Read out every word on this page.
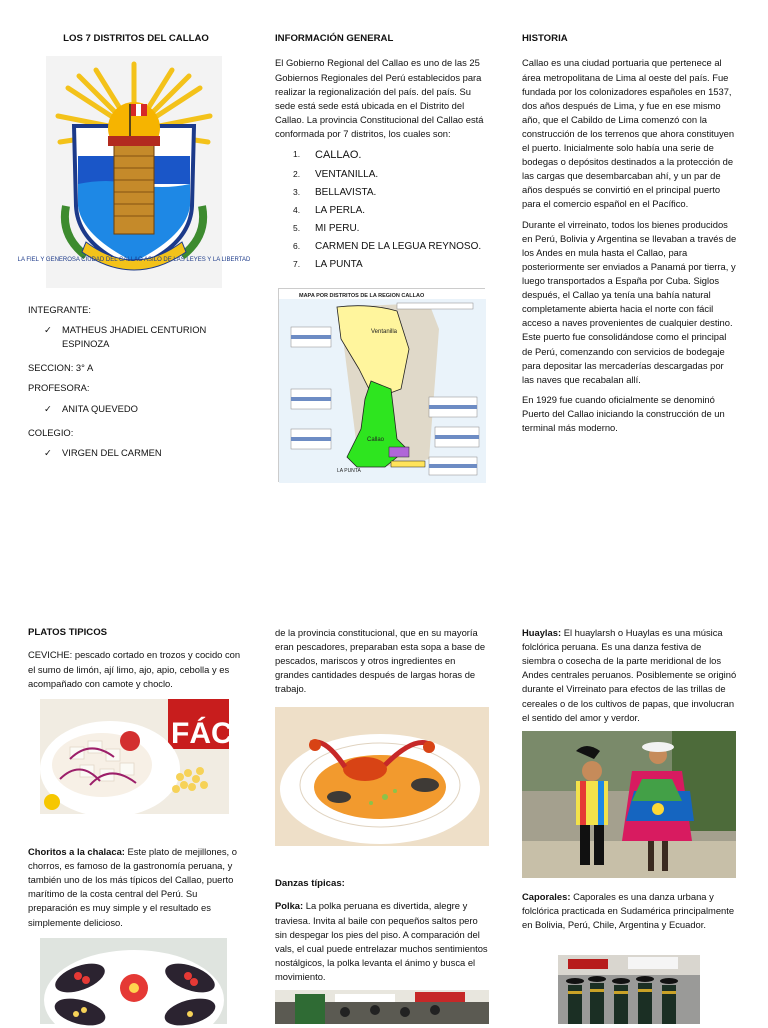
LOS 7 DISTRITOS DEL CALLAO
LA FIEL Y GENEROSA CIUDAD DEL CALLAO ASILO DE LAS LEYES Y LA LIBERTAD
INTEGRANTE:
✓	MATHEUS JHADIEL CENTURION ESPINOZA
SECCION: 3° A
PROFESORA:
✓	ANITA QUEVEDO
COLEGIO:
✓	VIRGEN DEL CARMEN
INFORMACIÓN GENERAL

El Gobierno Regional del Callao es uno de las 25 Gobiernos Regionales del Perú establecidos para realizar la regionalización del país. del país. Su sede está sede está ubicada en el Distrito del Callao. La provincia Constitucional del Callao está conformada por 7 distritos, los cuales son:

1.	CALLAO.
2.	VENTANILLA.
3.	BELLAVISTA.
4.	LA PERLA.
5.	MI PERU.
6.	CARMEN DE LA LEGUA REYNOSO.
7.	LA PUNTA
MAPA POR DISTRITOS DE LA REGION CALLAO
Ventanilla
Callao
LA PUNTA
HISTORIA

Callao es una ciudad portuaria que pertenece al área metropolitana de Lima al oeste del país. Fue fundada por los colonizadores españoles en 1537, dos años después de Lima, y fue en ese mismo año, que el Cabildo de Lima comenzó con la construcción de los terrenos que ahora constituyen el puerto. Inicialmente solo había una serie de bodegas o depósitos destinados a la protección de las cargas que desembarcaban ahí, y un par de años después se convirtió en el principal puerto para el comercio español en el Pacífico.

Durante el virreinato, todos los bienes producidos en Perú, Bolivia y Argentina se llevaban a través de los Andes en mula hasta el Callao, para posteriormente ser enviados a Panamá por tierra, y luego transportados a España por Cuba. Siglos después, el Callao ya tenía una bahía natural completamente abierta hacia el norte con fácil acceso a naves provenientes de cualquier destino. Este puerto fue consolidándose como el principal de Perú, comenzando con servicios de bodegaje para depositar las mercaderías descargadas por las naves que recabalan allí.

En 1929 fue cuando oficialmente se denominó Puerto del Callao iniciando la construcción de un terminal más moderno.

PLATOS TIPICOS

CEVICHE: pescado cortado en trozos y cocido con el sumo de limón, ají limo, ajo, apio, cebolla y es acompañado con camote y choclo.

FÁC

Choritos a la chalaca: Este plato de mejillones, o chorros, es famoso de la gastronomía peruana, y también uno de los más típicos del Callao, puerto marítimo de la costa central del Perú. Su preparación es muy simple y el resultado es simplemente delicioso.

de la provincia constitucional, que en su mayoría eran pescadores, preparaban esta sopa a base de pescados, mariscos y otros ingredientes en grandes cantidades después de largas horas de trabajo.

Danzas típicas:

Polka: La polka peruana es divertida, alegre y traviesa. Invita al baile con pequeños saltos pero sin despegar los pies del piso. A comparación del vals, el cual puede entrelazar muchos sentimientos nostálgicos, la polka levanta el ánimo y busca el movimiento.

Huaylas: El huaylarsh o Huaylas es una música folclórica peruana. Es una danza festiva de siembra o cosecha de la parte meridional de los Andes centrales peruanos. Posiblemente se originó durante el Virreinato para efectos de las trillas de cereales o de los cultivos de papas, que involucran el sentido del amor y verdor.

Caporales: Caporales es una danza urbana y folclórica practicada en Sudamérica principalmente en Bolivia, Perú, Chile, Argentina y Ecuador.
